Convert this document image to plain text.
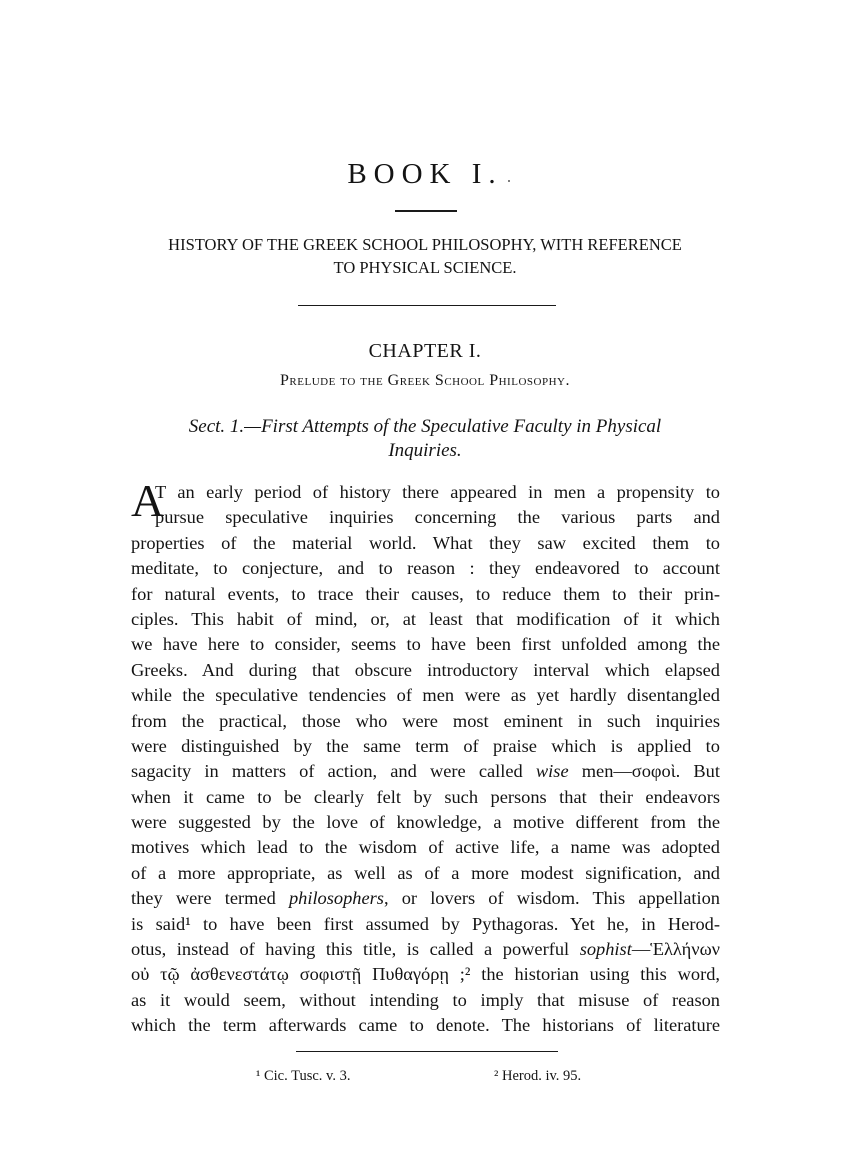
BOOK I.
HISTORY OF THE GREEK SCHOOL PHILOSOPHY, WITH REFERENCE
TO PHYSICAL SCIENCE.
CHAPTER I.
Prelude to the Greek School Philosophy.
Sect. 1.—First Attempts of the Speculative Faculty in Physical
Inquiries.
A
T an early period of history there appeared in men a propensity to
pursue speculative inquiries concerning the various parts and
properties of the material world. What they saw excited them to
meditate, to conjecture, and to reason : they endeavored to account
for natural events, to trace their causes, to reduce them to their prin-
ciples. This habit of mind, or, at least that modification of it which
we have here to consider, seems to have been first unfolded among the
Greeks. And during that obscure introductory interval which elapsed
while the speculative tendencies of men were as yet hardly disentangled
from the practical, those who were most eminent in such inquiries
were distinguished by the same term of praise which is applied to
sagacity in matters of action, and were called wise men—σοφοὶ. But
when it came to be clearly felt by such persons that their endeavors
were suggested by the love of knowledge, a motive different from the
motives which lead to the wisdom of active life, a name was adopted
of a more appropriate, as well as of a more modest signification, and
they were termed philosophers, or lovers of wisdom. This appellation
is said¹ to have been first assumed by Pythagoras. Yet he, in Herod-
otus, instead of having this title, is called a powerful sophist—Ἑλλήνων
οὐ τῷ ἀσθενεστάτῳ σοφιστῇ Πυθαγόρῃ ;² the historian using this word,
as it would seem, without intending to imply that misuse of reason
which the term afterwards came to denote. The historians of literature
¹ Cic. Tusc. v. 3.	² Herod. iv. 95.
